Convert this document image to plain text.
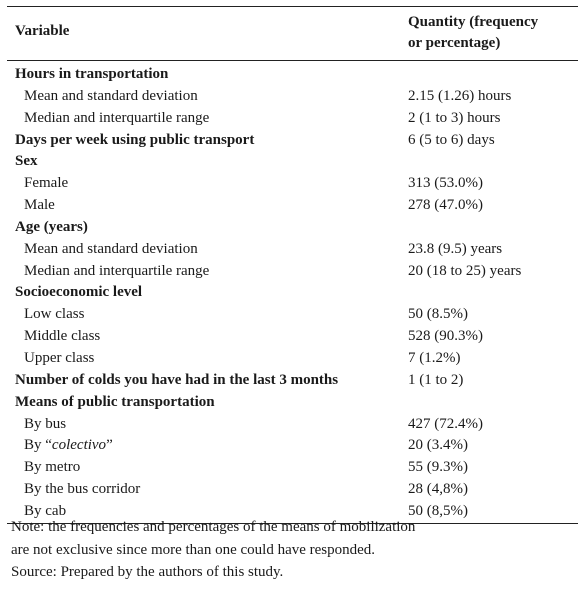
Variable
Quantity (frequency
or percentage)
Hours in transportation
Mean and standard deviation	2.15 (1.26) hours
Median and interquartile range	2 (1 to 3) hours
Days per week using public transport	6 (5 to 6) days
Sex
Female	313 (53.0%)
Male	278 (47.0%)
Age (years)
Mean and standard deviation	23.8 (9.5) years
Median and interquartile range	20 (18 to 25) years
Socioeconomic level
Low class	50 (8.5%)
Middle class	528 (90.3%)
Upper class	7 (1.2%)
Number of colds you have had in the last 3 months	1 (1 to 2)
Means of public transportation
By bus	427 (72.4%)
By “colectivo”	20 (3.4%)
By metro	55 (9.3%)
By the bus corridor	28 (4,8%)
By cab	50 (8,5%)
Note: the frequencies and percentages of the means of mobilization
are not exclusive since more than one could have responded.
Source: Prepared by the authors of this study.
